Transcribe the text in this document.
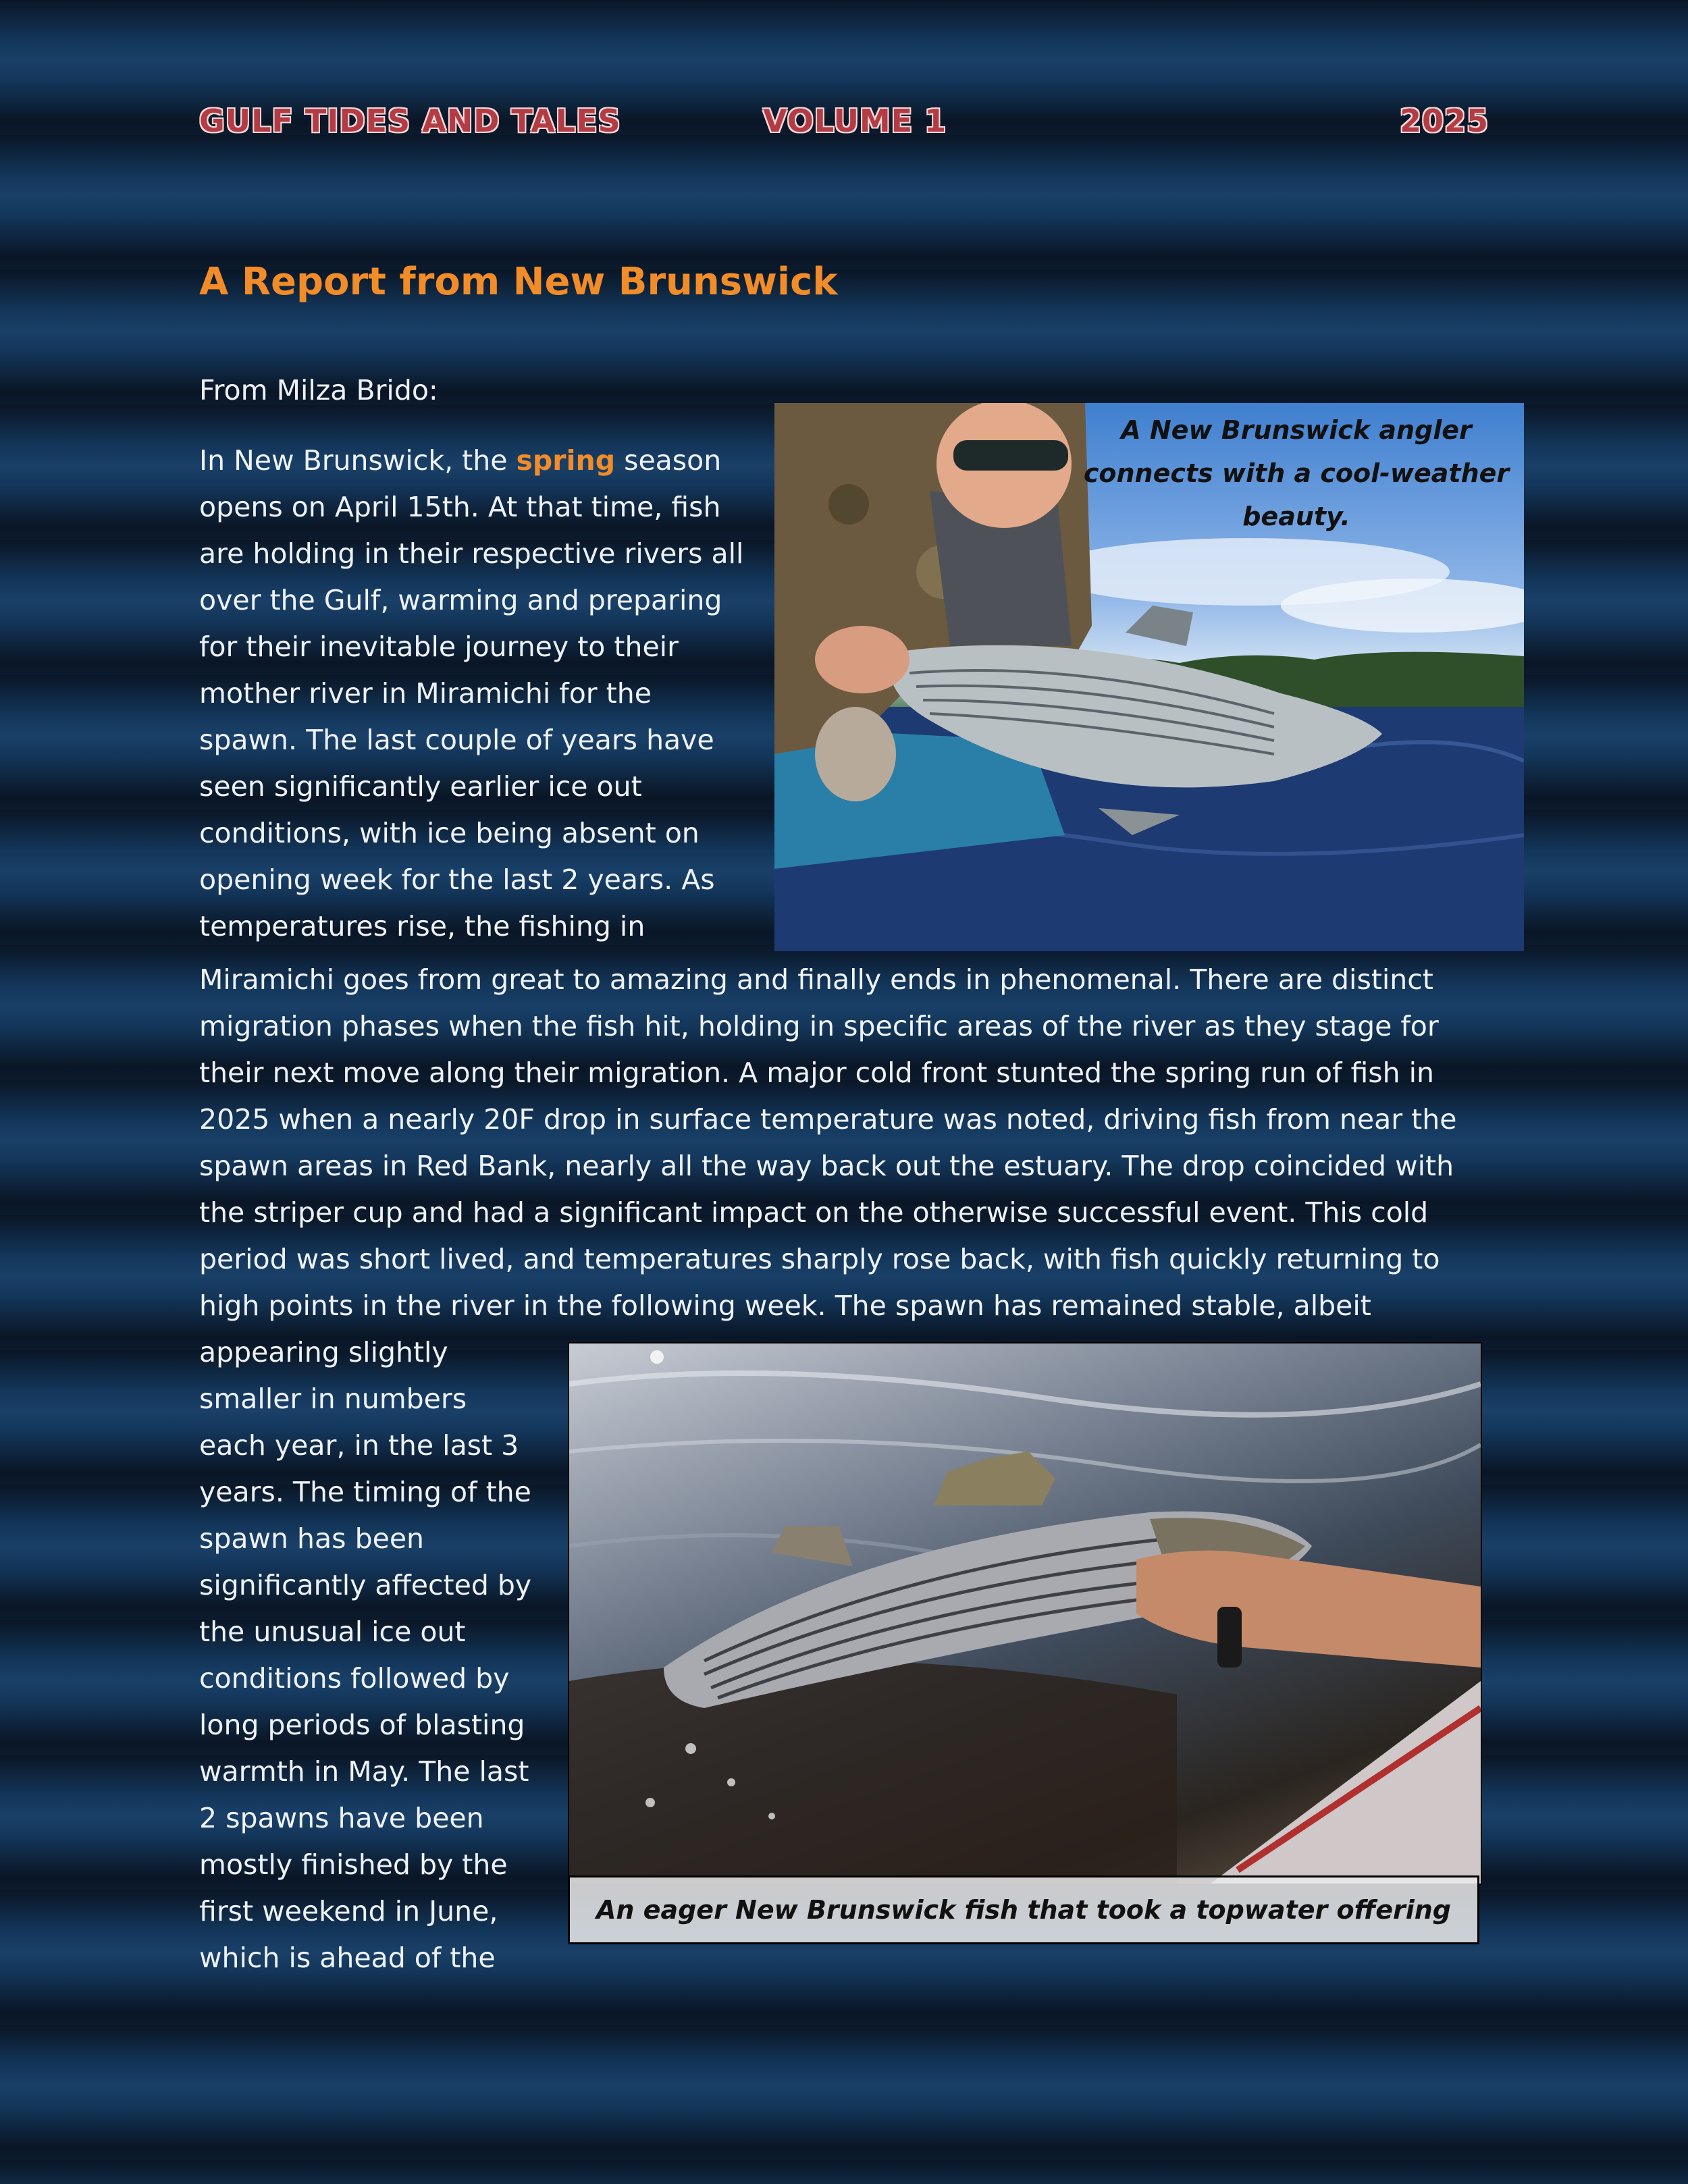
GULF TIDES AND TALES	VOLUME 1	2025
A Report from New Brunswick

From Milza Brido:

In New Brunswick, the spring season
opens on April 15th. At that time, fish
are holding in their respective rivers all
over the Gulf, warming and preparing
for their inevitable journey to their
mother river in Miramichi for the
spawn. The last couple of years have
seen significantly earlier ice out
conditions, with ice being absent on
opening week for the last 2 years. As
temperatures rise, the fishing in
Miramichi goes from great to amazing and finally ends in phenomenal. There are distinct
migration phases when the fish hit, holding in specific areas of the river as they stage for
their next move along their migration. A major cold front stunted the spring run of fish in
2025 when a nearly 20F drop in surface temperature was noted, driving fish from near the
spawn areas in Red Bank, nearly all the way back out the estuary. The drop coincided with
the striper cup and had a significant impact on the otherwise successful event. This cold
period was short lived, and temperatures sharply rose back, with fish quickly returning to
high points in the river in the following week. The spawn has remained stable, albeit
appearing slightly
smaller in numbers
each year, in the last 3
years. The timing of the
spawn has been
significantly affected by
the unusual ice out
conditions followed by
long periods of blasting
warmth in May. The last
2 spawns have been
mostly finished by the
first weekend in June,
which is ahead of the
A New Brunswick angler connects with a cool-weather beauty.
An eager New Brunswick fish that took a topwater offering
